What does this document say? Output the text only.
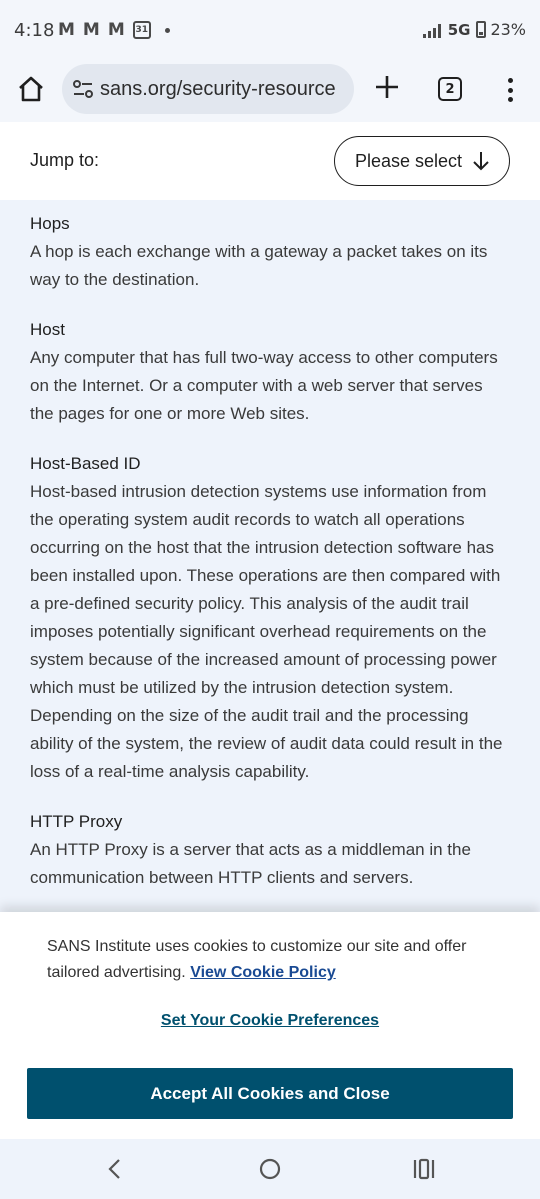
4:18 M M M	31	5G 23%
sans.org/security-resource	2
Jump to:	Please select
Hops
A hop is each exchange with a gateway a packet takes on its way to the destination.
Host
Any computer that has full two-way access to other computers on the Internet. Or a computer with a web server that serves the pages for one or more Web sites.
Host-Based ID
Host-based intrusion detection systems use information from the operating system audit records to watch all operations occurring on the host that the intrusion detection software has been installed upon. These operations are then compared with a pre-defined security policy. This analysis of the audit trail imposes potentially significant overhead requirements on the system because of the increased amount of processing power which must be utilized by the intrusion detection system. Depending on the size of the audit trail and the processing ability of the system, the review of audit data could result in the loss of a real-time analysis capability.
HTTP Proxy
An HTTP Proxy is a server that acts as a middleman in the communication between HTTP clients and servers.
SANS Institute uses cookies to customize our site and offer tailored advertising. View Cookie Policy
Set Your Cookie Preferences
Accept All Cookies and Close
